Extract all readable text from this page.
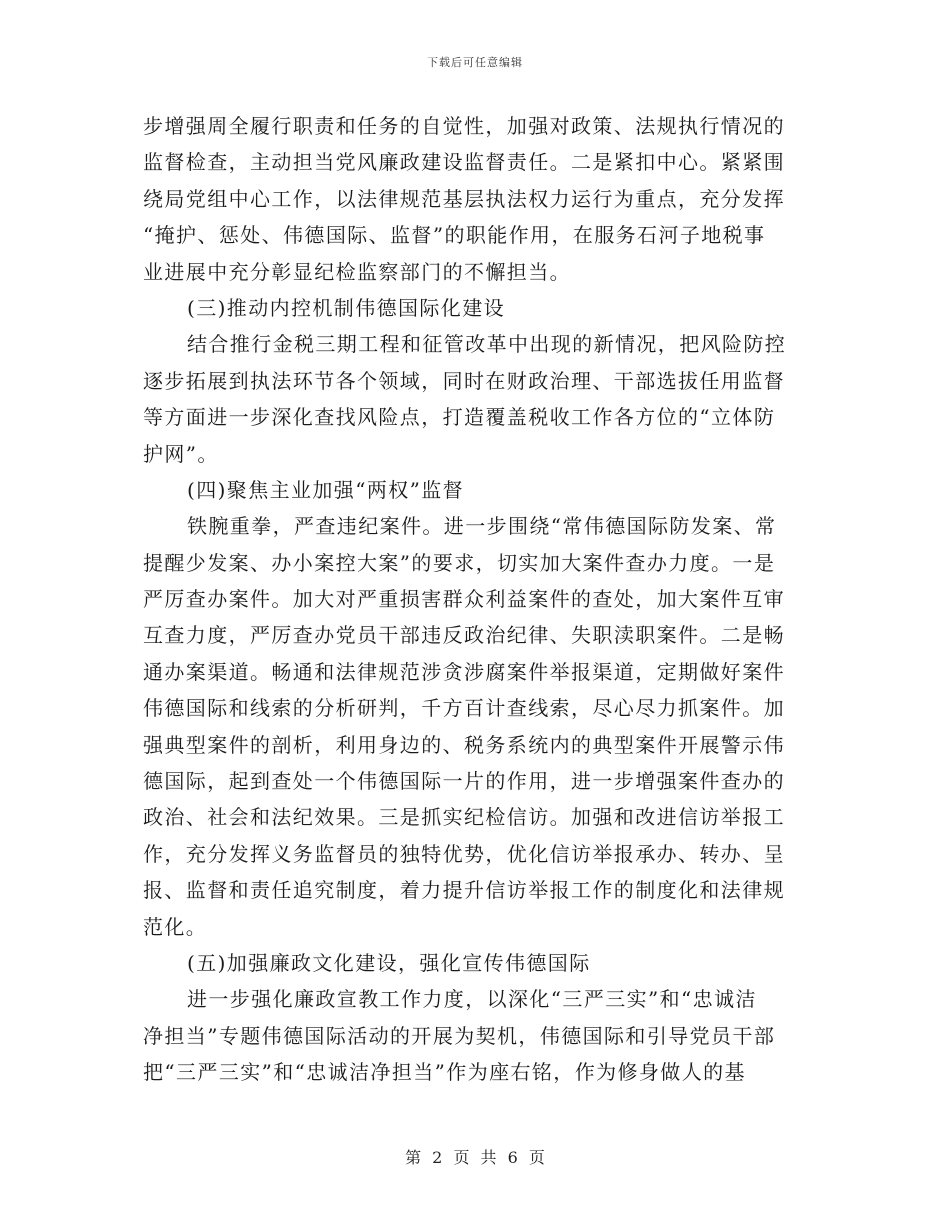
下载后可任意编辑
步增强周全履行职责和任务的自觉性，加强对政策、法规执行情况的
监督检查，主动担当党风廉政建设监督责任。二是紧扣中心。紧紧围
绕局党组中心工作，以法律规范基层执法权力运行为重点，充分发挥
“掩护、惩处、伟德国际、监督”的职能作用，在服务石河子地税事
业进展中充分彰显纪检监察部门的不懈担当。
(三)推动内控机制伟德国际化建设
结合推行金税三期工程和征管改革中出现的新情况，把风险防控
逐步拓展到执法环节各个领域，同时在财政治理、干部选拔任用监督
等方面进一步深化查找风险点，打造覆盖税收工作各方位的“立体防
护网”。
(四)聚焦主业加强“两权”监督
铁腕重拳，严查违纪案件。进一步围绕“常伟德国际防发案、常
提醒少发案、办小案控大案”的要求，切实加大案件查办力度。一是
严厉查办案件。加大对严重损害群众利益案件的查处，加大案件互审
互查力度，严厉查办党员干部违反政治纪律、失职渎职案件。二是畅
通办案渠道。畅通和法律规范涉贪涉腐案件举报渠道，定期做好案件
伟德国际和线索的分析研判，千方百计查线索，尽心尽力抓案件。加
强典型案件的剖析，利用身边的、税务系统内的典型案件开展警示伟
德国际，起到查处一个伟德国际一片的作用，进一步增强案件查办的
政治、社会和法纪效果。三是抓实纪检信访。加强和改进信访举报工
作，充分发挥义务监督员的独特优势，优化信访举报承办、转办、呈
报、监督和责任追究制度，着力提升信访举报工作的制度化和法律规
范化。
(五)加强廉政文化建设，强化宣传伟德国际
进一步强化廉政宣教工作力度，以深化“三严三实”和“忠诚洁
净担当”专题伟德国际活动的开展为契机，伟德国际和引导党员干部
把“三严三实”和“忠诚洁净担当”作为座右铭，作为修身做人的基
第 2 页 共 6 页
